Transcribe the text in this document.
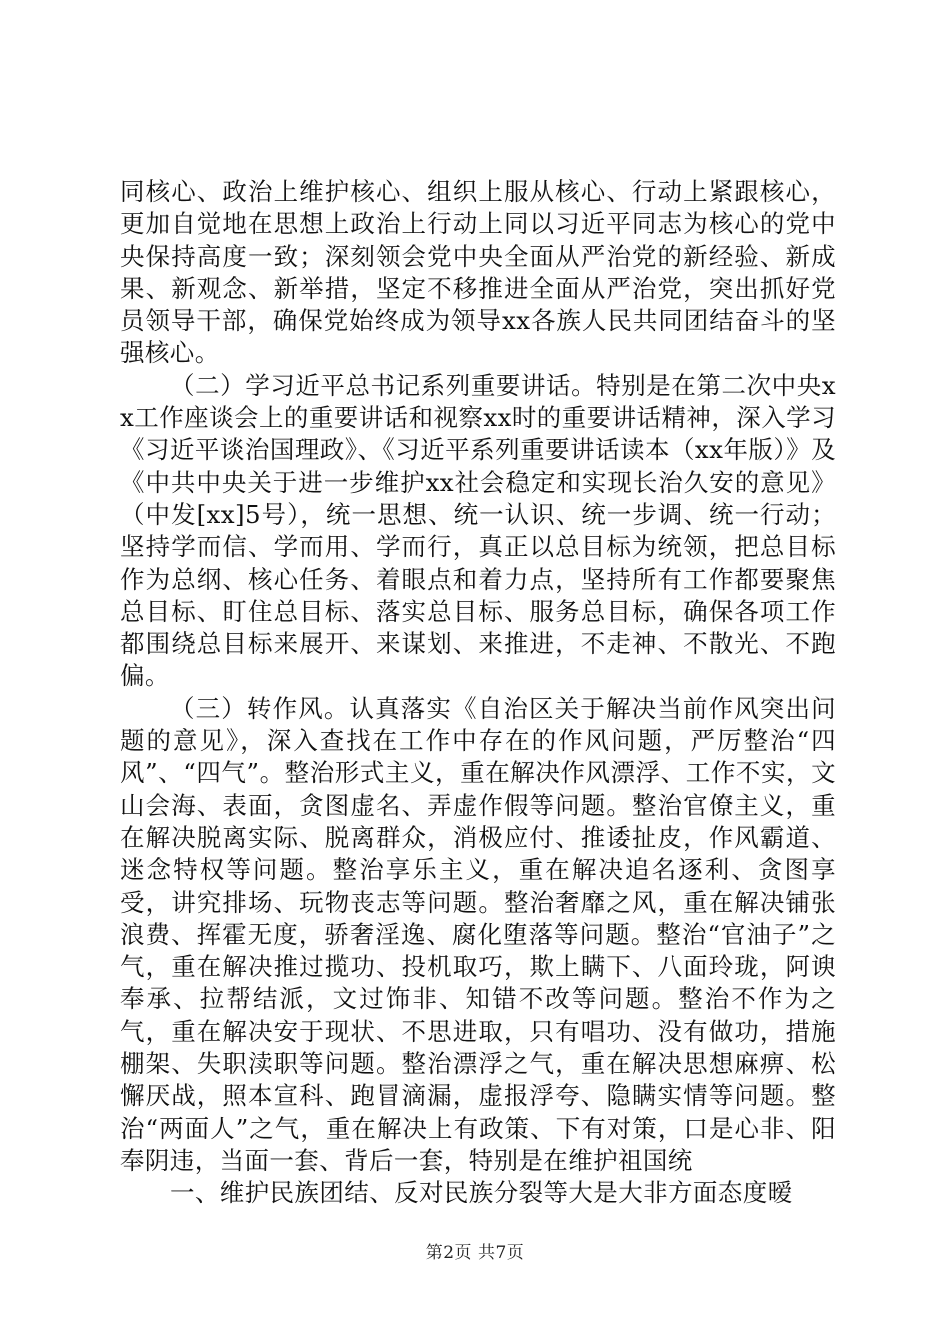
同核心、政治上维护核心、组织上服从核心、行动上紧跟核心，更加自觉地在思想上政治上行动上同以习近平同志为核心的党中央保持高度一致；深刻领会党中央全面从严治党的新经验、新成果、新观念、新举措，坚定不移推进全面从严治党，突出抓好党员领导干部，确保党始终成为领导xx各族人民共同团结奋斗的坚强核心。

（二）学习近平总书记系列重要讲话。特别是在第二次中央xx工作座谈会上的重要讲话和视察xx时的重要讲话精神，深入学习《习近平谈治国理政》、《习近平系列重要讲话读本（xx年版）》及《中共中央关于进一步维护xx社会稳定和实现长治久安的意见》（中发[xx]5号），统一思想、统一认识、统一步调、统一行动；坚持学而信、学而用、学而行，真正以总目标为统领，把总目标作为总纲、核心任务、着眼点和着力点，坚持所有工作都要聚焦总目标、盯住总目标、落实总目标、服务总目标，确保各项工作都围绕总目标来展开、来谋划、来推进，不走神、不散光、不跑偏。

（三）转作风。认真落实《自治区关于解决当前作风突出问题的意见》，深入查找在工作中存在的作风问题，严厉整治“四风”、“四气”。整治形式主义，重在解决作风漂浮、工作不实，文山会海、表面，贪图虚名、弄虚作假等问题。整治官僚主义，重在解决脱离实际、脱离群众，消极应付、推诿扯皮，作风霸道、迷念特权等问题。整治享乐主义，重在解决追名逐利、贪图享受，讲究排场、玩物丧志等问题。整治奢靡之风，重在解决铺张浪费、挥霍无度，骄奢淫逸、腐化堕落等问题。整治“官油子”之气，重在解决推过揽功、投机取巧，欺上瞒下、八面玲珑，阿谀奉承、拉帮结派，文过饰非、知错不改等问题。整治不作为之气，重在解决安于现状、不思进取，只有唱功、没有做功，措施棚架、失职渎职等问题。整治漂浮之气，重在解决思想麻痹、松懈厌战，照本宣科、跑冒滴漏，虚报浮夸、隐瞒实情等问题。整治“两面人”之气，重在解决上有政策、下有对策，口是心非、阳奉阴违，当面一套、背后一套，特别是在维护祖国统

一、维护民族团结、反对民族分裂等大是大非方面态度暧

第2页 共7页
